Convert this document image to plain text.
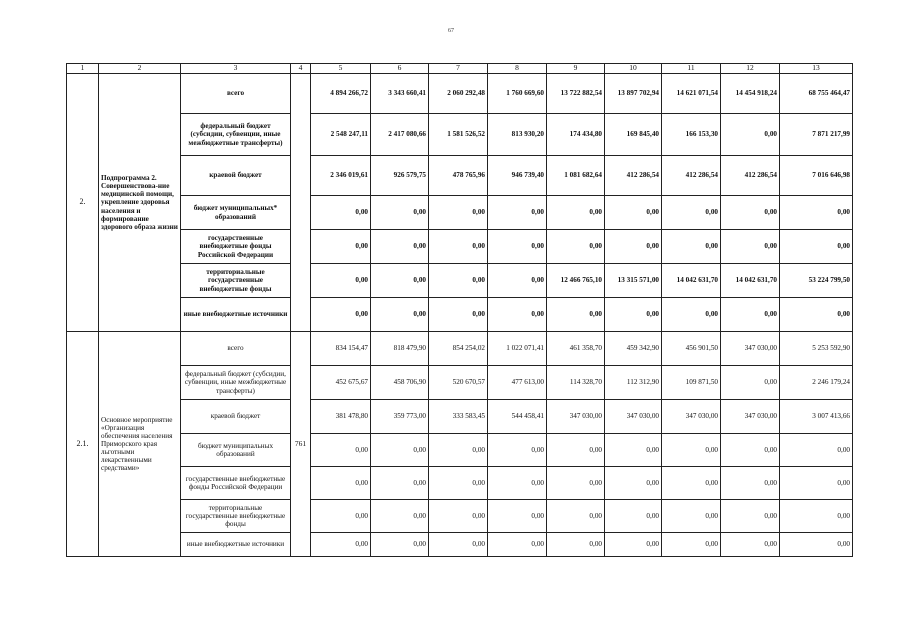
67
1	2	3	4	5	6	7	8	9	10	11	12	13
2.	Подпрограмма 2. Совершенствова-ние медицинской помощи, укрепление здоровья населения и формирование здорового образа жизни	всего		4 894 266,72	3 343 660,41	2 060 292,48	1 760 669,60	13 722 882,54	13 897 702,94	14 621 071,54	14 454 918,24	68 755 464,47
		федеральный бюджет (субсидии, субвенции, иные межбюджетные трансферты)		2 548 247,11	2 417 080,66	1 581 526,52	813 930,20	174 434,80	169 845,40	166 153,30	0,00	7 871 217,99
		краевой бюджет		2 346 019,61	926 579,75	478 765,96	946 739,40	1 081 682,64	412 286,54	412 286,54	412 286,54	7 016 646,98
		бюджет муниципальных* образований		0,00	0,00	0,00	0,00	0,00	0,00	0,00	0,00	0,00
		государственные внебюджетные фонды Российской Федерации		0,00	0,00	0,00	0,00	0,00	0,00	0,00	0,00	0,00
		территориальные государственные внебюджетные фонды		0,00	0,00	0,00	0,00	12 466 765,10	13 315 571,00	14 042 631,70	14 042 631,70	53 224 799,50
		иные внебюджетные источники		0,00	0,00	0,00	0,00	0,00	0,00	0,00	0,00	0,00
2.1.	Основное мероприятие «Организация обеспечения населения Приморского края льготными лекарственными средствами»	всего	761	834 154,47	818 479,90	854 254,02	1 022 071,41	461 358,70	459 342,90	456 901,50	347 030,00	5 253 592,90
		федеральный бюджет (субсидии, субвенции, иные межбюджетные трансферты)		452 675,67	458 706,90	520 670,57	477 613,00	114 328,70	112 312,90	109 871,50	0,00	2 246 179,24
		краевой бюджет		381 478,80	359 773,00	333 583,45	544 458,41	347 030,00	347 030,00	347 030,00	347 030,00	3 007 413,66
		бюджет муниципальных образований		0,00	0,00	0,00	0,00	0,00	0,00	0,00	0,00	0,00
		государственные внебюджетные фонды Российской Федерации		0,00	0,00	0,00	0,00	0,00	0,00	0,00	0,00	0,00
		территориальные государственные внебюджетные фонды		0,00	0,00	0,00	0,00	0,00	0,00	0,00	0,00	0,00
		иные внебюджетные источники		0,00	0,00	0,00	0,00	0,00	0,00	0,00	0,00	0,00
